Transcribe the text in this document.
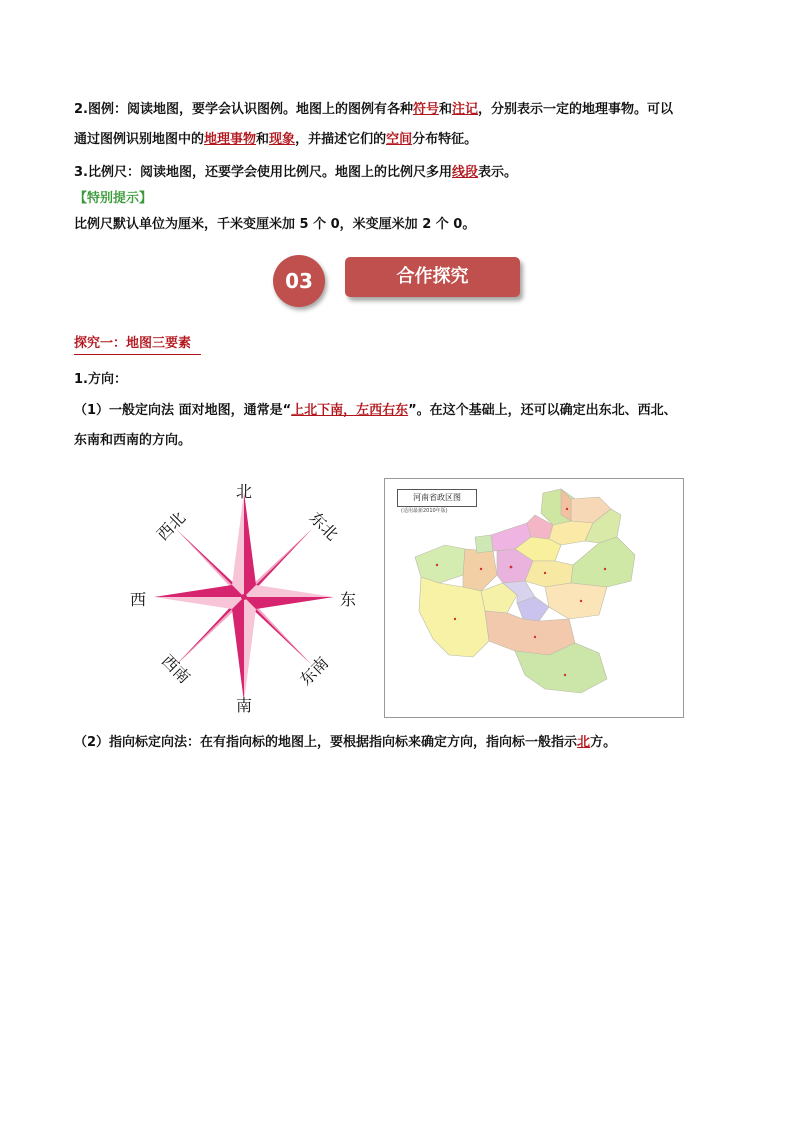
2.图例：阅读地图，要学会认识图例。地图上的图例有各种符号和注记，分别表示一定的地理事物。可以
通过图例识别地图中的地理事物和现象，并描述它们的空间分布特征。
3.比例尺：阅读地图，还要学会使用比例尺。地图上的比例尺多用线段表示。
【特别提示】
比例尺默认单位为厘米，千米变厘米加 5 个 0，米变厘米加 2 个 0。
03	合作探究
探究一：地图三要素
1.方向：
（1）一般定向法 面对地图，通常是“上北下南，左西右东”。在这个基础上，还可以确定出东北、西北、
东南和西南的方向。
北
南
东
西
东北
西北
东南
西南
河南省政区图
(适用最新2010年版)
（2）指向标定向法：在有指向标的地图上，要根据指向标来确定方向，指向标一般指示北方。
